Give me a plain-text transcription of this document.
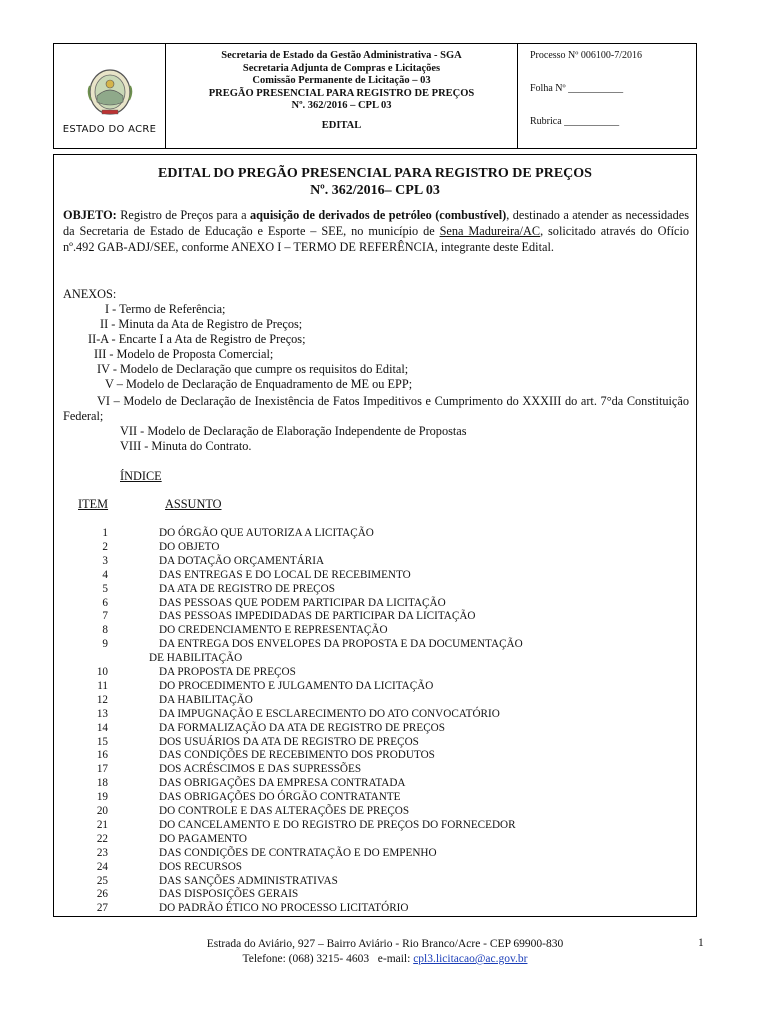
ESTADO DO ACRE
Secretaria de Estado da Gestão Administrativa - SGA
Secretaria Adjunta de Compras e Licitações
Comissão Permanente de Licitação – 03
PREGÃO PRESENCIAL PARA REGISTRO DE PREÇOS
Nº. 362/2016 – CPL 03
EDITAL
Processo Nº 006100-7/2016
Folha Nº ___________
Rubrica ___________
EDITAL DO PREGÃO PRESENCIAL PARA REGISTRO DE PREÇOS
Nº. 362/2016– CPL 03
OBJETO: Registro de Preços para a aquisição de derivados de petróleo (combustível), destinado a atender as necessidades da Secretaria de Estado de Educação e Esporte – SEE, no município de Sena Madureira/AC, solicitado através do Ofício nº.492 GAB-ADJ/SEE, conforme ANEXO I – TERMO DE REFERÊNCIA, integrante deste Edital.
ANEXOS:
I - Termo de Referência;
II - Minuta da Ata de Registro de Preços;
II-A - Encarte I a Ata de Registro de Preços;
III - Modelo de Proposta Comercial;
IV - Modelo de Declaração que cumpre os requisitos do Edital;
V – Modelo de Declaração de Enquadramento de ME ou EPP;
VI – Modelo de Declaração de Inexistência de Fatos Impeditivos e Cumprimento do XXXIII do art. 7°da Constituição Federal;
VII - Modelo de Declaração de Elaboração Independente de Propostas
VIII - Minuta do Contrato.
ÍNDICE
ITEM	ASSUNTO
1	DO ÓRGÃO QUE AUTORIZA A LICITAÇÃO
2	DO OBJETO
3	DA DOTAÇÃO ORÇAMENTÁRIA
4	DAS ENTREGAS E DO LOCAL DE RECEBIMENTO
5	DA ATA DE REGISTRO DE PREÇOS
6	DAS PESSOAS QUE PODEM PARTICIPAR DA LICITAÇÃO
7	DAS PESSOAS IMPEDIDADAS DE PARTICIPAR DA LICITAÇÃO
8	DO CREDENCIAMENTO E REPRESENTAÇÃO
9	DA ENTREGA DOS ENVELOPES DA PROPOSTA E DA DOCUMENTAÇÃO
DE HABILITAÇÃO
10	DA PROPOSTA DE PREÇOS
11	DO PROCEDIMENTO E JULGAMENTO DA LICITAÇÃO
12	DA HABILITAÇÃO
13	DA IMPUGNAÇÃO E ESCLARECIMENTO DO ATO CONVOCATÓRIO
14	DA FORMALIZAÇÃO DA ATA DE REGISTRO DE PREÇOS
15	DOS USUÁRIOS DA ATA DE REGISTRO DE PREÇOS
16	DAS CONDIÇÕES DE RECEBIMENTO DOS PRODUTOS
17	DOS ACRÉSCIMOS E DAS SUPRESSÕES
18	DAS OBRIGAÇÕES DA EMPRESA CONTRATADA
19	DAS OBRIGAÇÕES DO ÓRGÃO CONTRATANTE
20	DO CONTROLE E DAS ALTERAÇÕES DE PREÇOS
21	DO CANCELAMENTO E DO REGISTRO DE PREÇOS DO FORNECEDOR
22	DO PAGAMENTO
23	DAS CONDIÇÕES DE CONTRATAÇÃO E DO EMPENHO
24	DOS RECURSOS
25	DAS SANÇÕES ADMINISTRATIVAS
26	DAS DISPOSIÇÕES GERAIS
27	DO PADRÃO ÉTICO NO PROCESSO LICITATÓRIO
Estrada do Aviário, 927 – Bairro Aviário - Rio Branco/Acre - CEP 69900-830
Telefone: (068) 3215- 4603   e-mail: cpl3.licitacao@ac.gov.br
1
